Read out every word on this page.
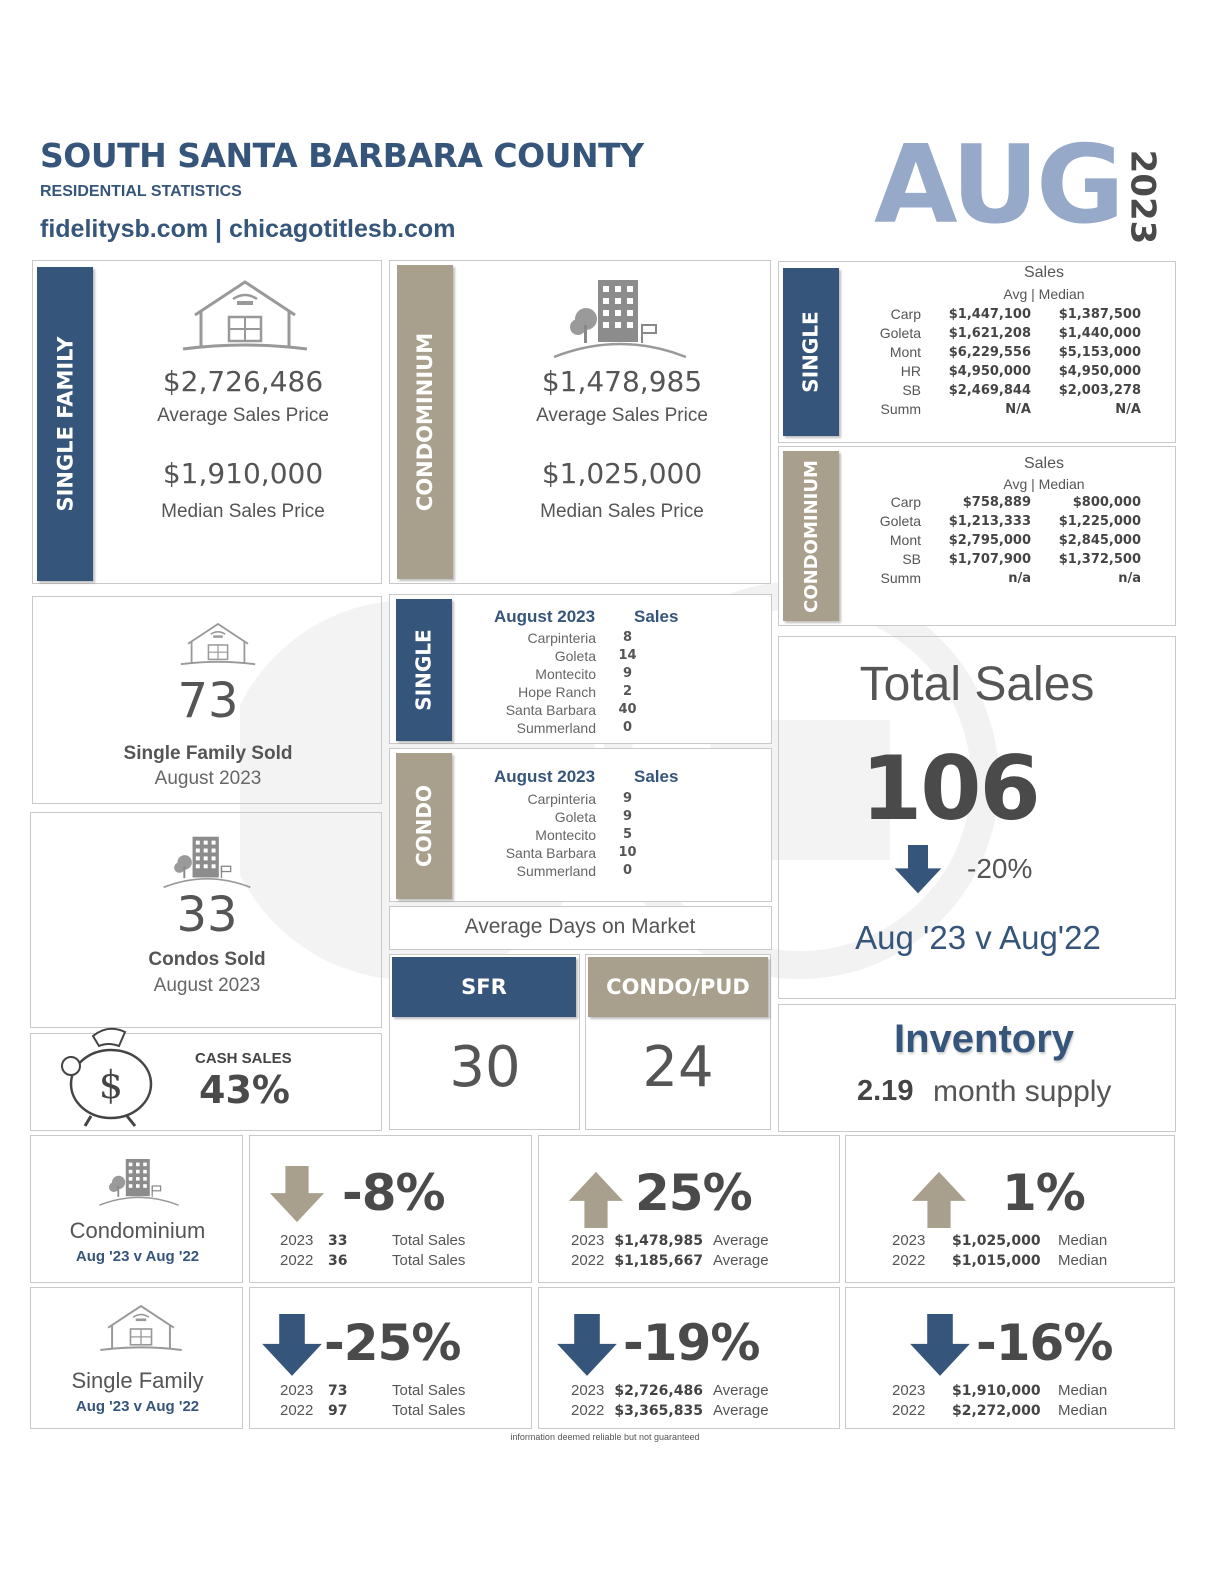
SOUTH SANTA BARBARA COUNTY
RESIDENTIAL STATISTICS
fidelitysb.com | chicagotitlesb.com	AUG 2023
SINGLE FAMILY	$2,726,486
Average Sales Price
$1,910,000
Median Sales Price
CONDOMINIUM	$1,478,985
Average Sales Price
$1,025,000
Median Sales Price
SINGLE
Sales
Avg | Median
Carp	$1,447,100	$1,387,500
Goleta	$1,621,208	$1,440,000
Mont	$6,229,556	$5,153,000
HR	$4,950,000	$4,950,000
SB	$2,469,844	$2,003,278
Summ	N/A	N/A
CONDOMINIUM	Sales
Avg | Median
Carp	$758,889	$800,000
Goleta	$1,213,333	$1,225,000
Mont	$2,795,000	$2,845,000
SB	$1,707,900	$1,372,500
Summ	n/a	n/a
73
Single Family Sold
August 2023
33
Condos Sold
August 2023
$
CASH SALES
43%
SINGLE
August 2023 Sales
Carpinteria	8
Goleta	14
Montecito	9
Hope Ranch	2
Santa Barbara	40
Summerland	0
CONDO
August 2023 Sales
Carpinteria	9
Goleta	9
Montecito	5
Santa Barbara	10
Summerland	0
Average Days on Market
SFR
30
CONDO/PUD
24
Total Sales
106
-20%
Aug '23 v Aug'22
Inventory
2.19 month supply
Condominium
Aug '23 v Aug '22
-8%
2023	33	Total Sales
2022	36	Total Sales
25%
2023	$1,478,985	Average
2022	$1,185,667	Average
1%
2023	$1,025,000	Median
2022	$1,015,000	Median
Single Family
Aug '23 v Aug '22
-25%
2023	73	Total Sales
2022	97	Total Sales
-19%
2023	$2,726,486	Average
2022	$3,365,835	Average
-16%
2023	$1,910,000	Median
2022	$2,272,000	Median
information deemed reliable but not guaranteed
